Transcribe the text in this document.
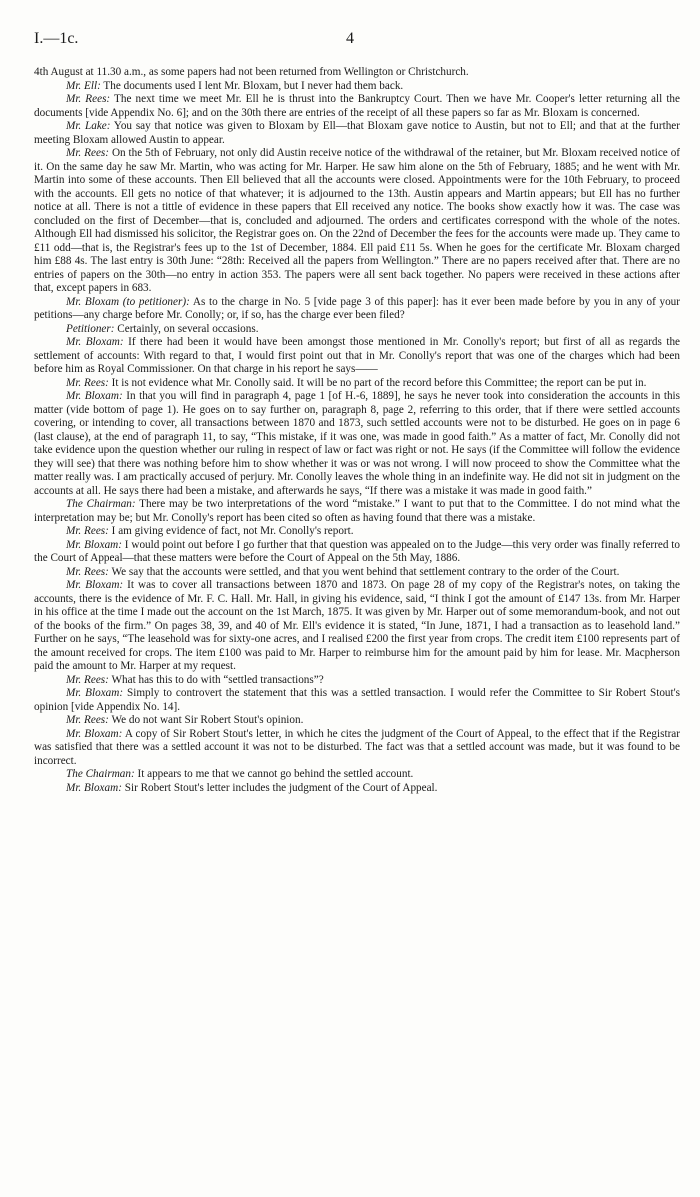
I.—1c.	4

4th August at 11.30 a.m., as some papers had not been returned from Wellington or Christchurch.

Mr. Ell: The documents used I lent Mr. Bloxam, but I never had them back.

Mr. Rees: The next time we meet Mr. Ell he is thrust into the Bankruptcy Court. Then we have Mr. Cooper's letter returning all the documents [vide Appendix No. 6]; and on the 30th there are entries of the receipt of all these papers so far as Mr. Bloxam is concerned.

Mr. Lake: You say that notice was given to Bloxam by Ell—that Bloxam gave notice to Austin, but not to Ell; and that at the further meeting Bloxam allowed Austin to appear.

Mr. Rees: On the 5th of February, not only did Austin receive notice of the withdrawal of the retainer, but Mr. Bloxam received notice of it. On the same day he saw Mr. Martin, who was acting for Mr. Harper. He saw him alone on the 5th of February, 1885; and he went with Mr. Martin into some of these accounts. Then Ell believed that all the accounts were closed. Appointments were for the 10th February, to proceed with the accounts. Ell gets no notice of that whatever; it is adjourned to the 13th. Austin appears and Martin appears; but Ell has no further notice at all. There is not a tittle of evidence in these papers that Ell received any notice. The books show exactly how it was. The case was concluded on the first of December—that is, concluded and adjourned. The orders and certificates correspond with the whole of the notes. Although Ell had dismissed his solicitor, the Registrar goes on. On the 22nd of December the fees for the accounts were made up. They came to £11 odd—that is, the Registrar's fees up to the 1st of December, 1884. Ell paid £11 5s. When he goes for the certificate Mr. Bloxam charged him £88 4s. The last entry is 30th June: “28th: Received all the papers from Wellington.” There are no papers received after that. There are no entries of papers on the 30th—no entry in action 353. The papers were all sent back together. No papers were received in these actions after that, except papers in 683.

Mr. Bloxam (to petitioner): As to the charge in No. 5 [vide page 3 of this paper]: has it ever been made before by you in any of your petitions—any charge before Mr. Conolly; or, if so, has the charge ever been filed?

Petitioner: Certainly, on several occasions.

Mr. Bloxam: If there had been it would have been amongst those mentioned in Mr. Conolly's report; but first of all as regards the settlement of accounts: With regard to that, I would first point out that in Mr. Conolly's report that was one of the charges which had been before him as Royal Commissioner. On that charge in his report he says——

Mr. Rees: It is not evidence what Mr. Conolly said. It will be no part of the record before this Committee; the report can be put in.

Mr. Bloxam: In that you will find in paragraph 4, page 1 [of H.-6, 1889], he says he never took into consideration the accounts in this matter (vide bottom of page 1). He goes on to say further on, paragraph 8, page 2, referring to this order, that if there were settled accounts covering, or intending to cover, all transactions between 1870 and 1873, such settled accounts were not to be disturbed. He goes on in page 6 (last clause), at the end of paragraph 11, to say, “This mistake, if it was one, was made in good faith.” As a matter of fact, Mr. Conolly did not take evidence upon the question whether our ruling in respect of law or fact was right or not. He says (if the Committee will follow the evidence they will see) that there was nothing before him to show whether it was or was not wrong. I will now proceed to show the Committee what the matter really was. I am practically accused of perjury. Mr. Conolly leaves the whole thing in an indefinite way. He did not sit in judgment on the accounts at all. He says there had been a mistake, and afterwards he says, “If there was a mistake it was made in good faith.”

The Chairman: There may be two interpretations of the word “mistake.” I want to put that to the Committee. I do not mind what the interpretation may be; but Mr. Conolly's report has been cited so often as having found that there was a mistake.

Mr. Rees: I am giving evidence of fact, not Mr. Conolly's report.

Mr. Bloxam: I would point out before I go further that that question was appealed on to the Judge—this very order was finally referred to the Court of Appeal—that these matters were before the Court of Appeal on the 5th May, 1886.

Mr. Rees: We say that the accounts were settled, and that you went behind that settlement contrary to the order of the Court.

Mr. Bloxam: It was to cover all transactions between 1870 and 1873. On page 28 of my copy of the Registrar's notes, on taking the accounts, there is the evidence of Mr. F. C. Hall. Mr. Hall, in giving his evidence, said, “I think I got the amount of £147 13s. from Mr. Harper in his office at the time I made out the account on the 1st March, 1875. It was given by Mr. Harper out of some memorandum-book, and not out of the books of the firm.” On pages 38, 39, and 40 of Mr. Ell's evidence it is stated, “In June, 1871, I had a transaction as to leasehold land.” Further on he says, “The leasehold was for sixty-one acres, and I realised £200 the first year from crops. The credit item £100 represents part of the amount received for crops. The item £100 was paid to Mr. Harper to reimburse him for the amount paid by him for lease. Mr. Macpherson paid the amount to Mr. Harper at my request.

Mr. Rees: What has this to do with “settled transactions”?

Mr. Bloxam: Simply to controvert the statement that this was a settled transaction. I would refer the Committee to Sir Robert Stout's opinion [vide Appendix No. 14].

Mr. Rees: We do not want Sir Robert Stout's opinion.

Mr. Bloxam: A copy of Sir Robert Stout's letter, in which he cites the judgment of the Court of Appeal, to the effect that if the Registrar was satisfied that there was a settled account it was not to be disturbed. The fact was that a settled account was made, but it was found to be incorrect.

The Chairman: It appears to me that we cannot go behind the settled account.

Mr. Bloxam: Sir Robert Stout's letter includes the judgment of the Court of Appeal.
